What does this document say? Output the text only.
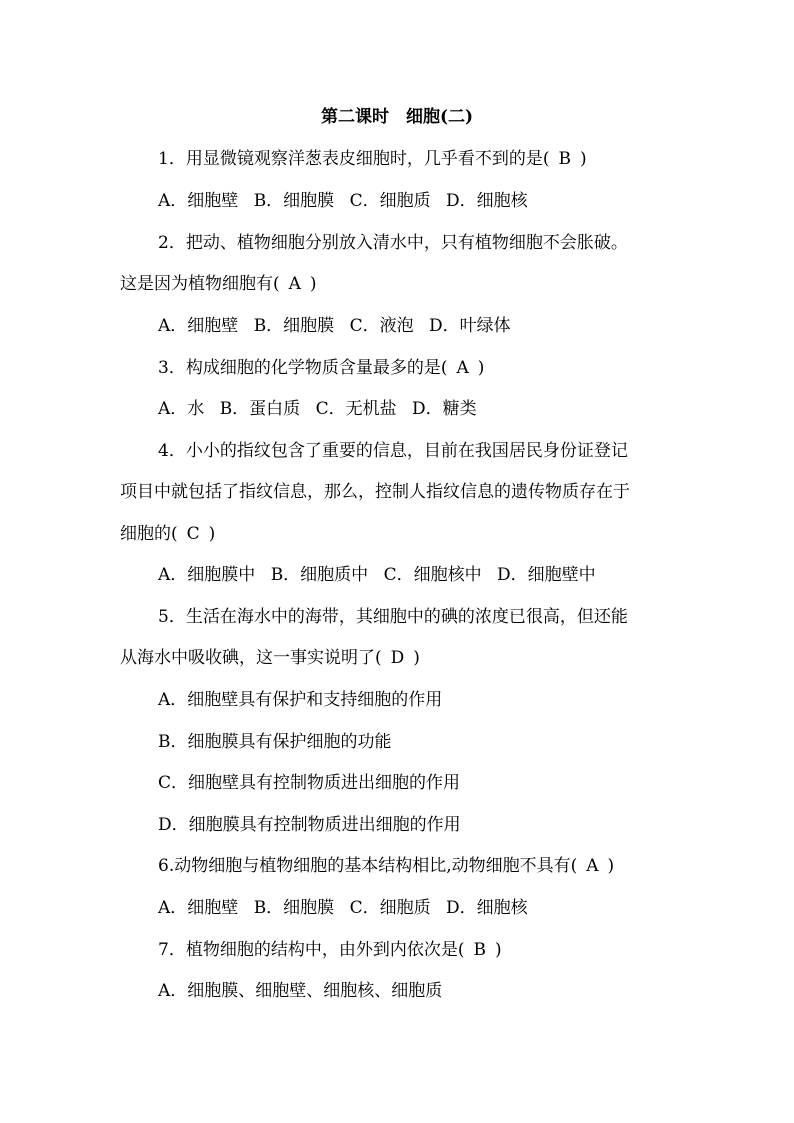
第二课时　细胞(二)
1．用显微镜观察洋葱表皮细胞时，几乎看不到的是( B )
A．细胞壁 B．细胞膜 C．细胞质 D．细胞核
2．把动、植物细胞分别放入清水中，只有植物细胞不会胀破。
这是因为植物细胞有( A )
A．细胞壁 B．细胞膜 C．液泡 D．叶绿体
3．构成细胞的化学物质含量最多的是( A )
A．水 B．蛋白质 C．无机盐 D．糖类
4．小小的指纹包含了重要的信息，目前在我国居民身份证登记
项目中就包括了指纹信息，那么，控制人指纹信息的遗传物质存在于
细胞的( C )
A．细胞膜中 B．细胞质中 C．细胞核中 D．细胞壁中
5．生活在海水中的海带，其细胞中的碘的浓度已很高，但还能
从海水中吸收碘，这一事实说明了( D )
A．细胞壁具有保护和支持细胞的作用
B．细胞膜具有保护细胞的功能
C．细胞壁具有控制物质进出细胞的作用
D．细胞膜具有控制物质进出细胞的作用
6.动物细胞与植物细胞的基本结构相比,动物细胞不具有( A )
A．细胞壁 B．细胞膜 C．细胞质 D．细胞核
7．植物细胞的结构中，由外到内依次是( B )
A．细胞膜、细胞壁、细胞核、细胞质
